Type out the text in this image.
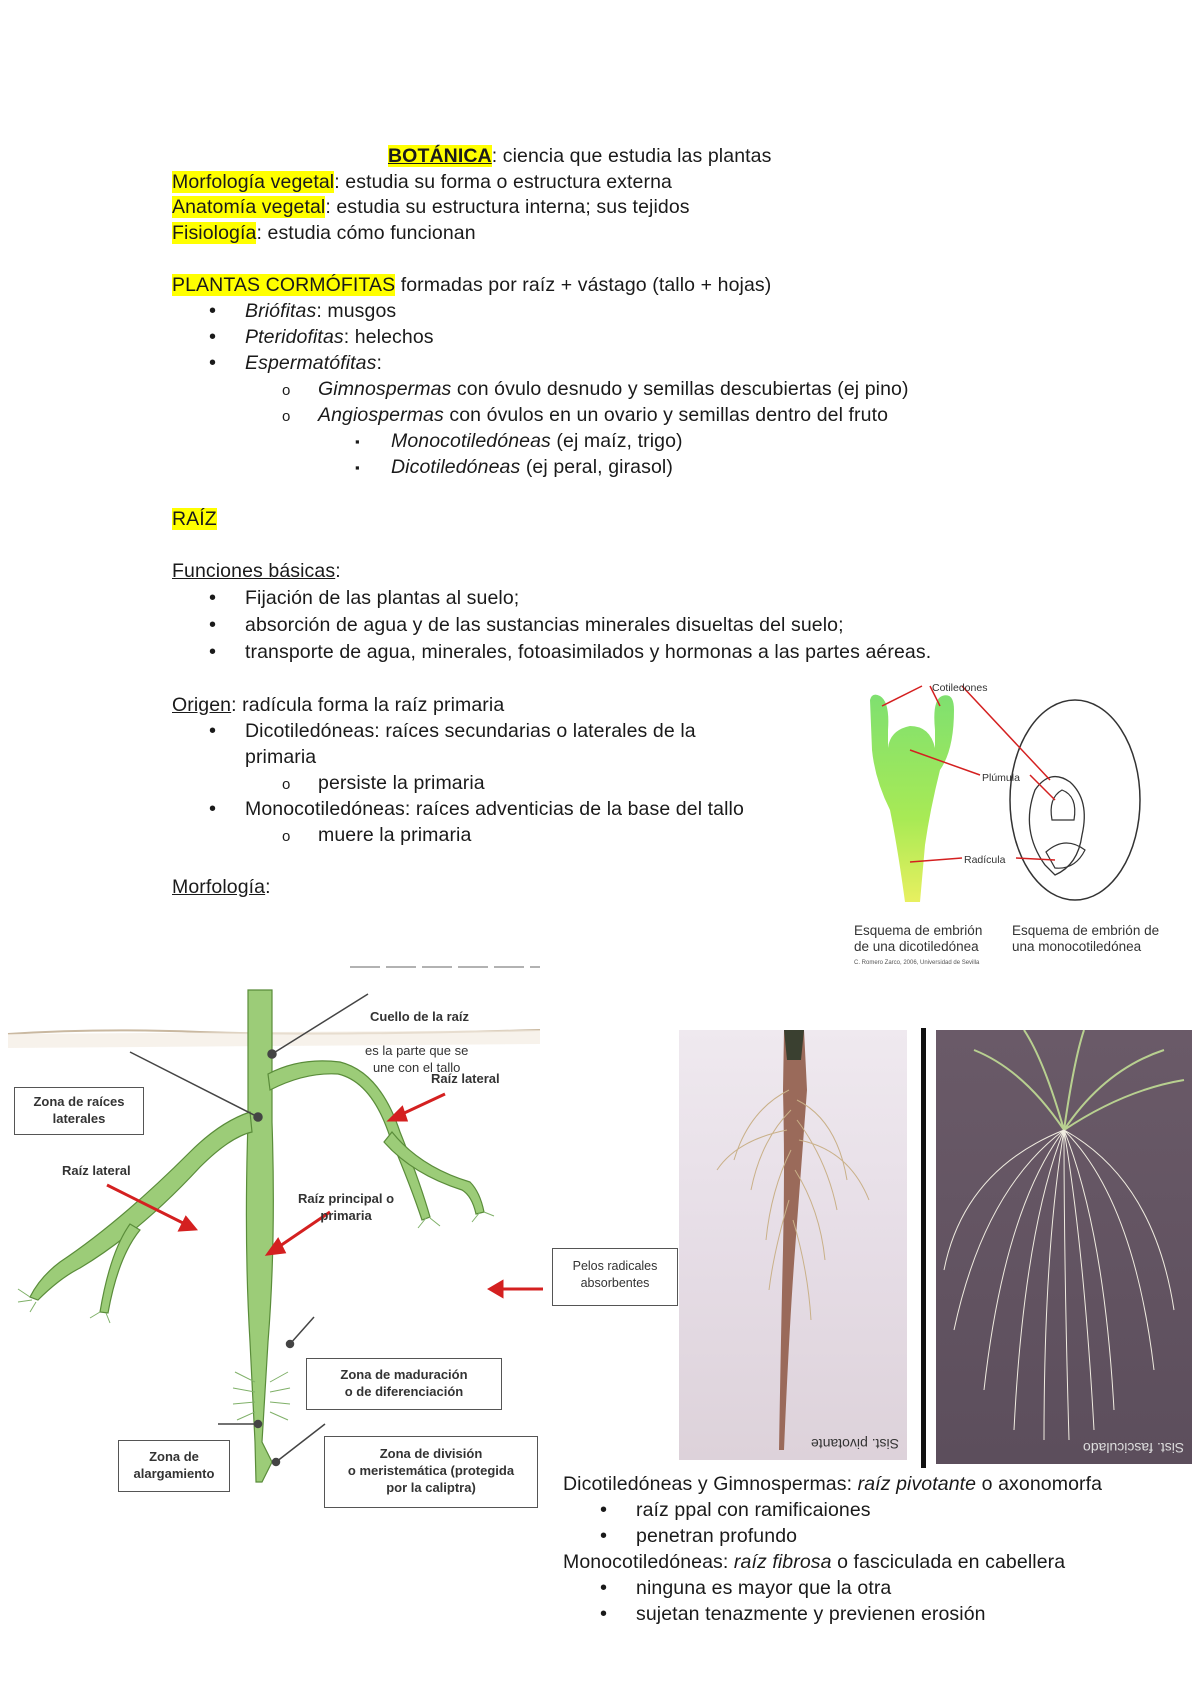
BOTÁNICA: ciencia que estudia las plantas
Morfología vegetal: estudia su forma o estructura externa
Anatomía vegetal: estudia su estructura interna; sus tejidos
Fisiología: estudia cómo funcionan
PLANTAS CORMÓFITAS formadas por raíz + vástago (tallo + hojas)
• Briófitas: musgos
• Pteridofitas: helechos
• Espermatófitas:
o Gimnospermas con óvulo desnudo y semillas descubiertas (ej pino)
o Angiospermas con óvulos en un ovario y semillas dentro del fruto
▪ Monocotiledóneas (ej maíz, trigo)
▪ Dicotiledóneas (ej peral, girasol)
RAÍZ
Funciones básicas:
• Fijación de las plantas al suelo;
• absorción de agua y de las sustancias minerales disueltas del suelo;
• transporte de agua, minerales, fotoasimilados y hormonas a las partes aéreas.
Origen: radícula forma la raíz primaria
• Dicotiledóneas: raíces secundarias o laterales de la
primaria
o persiste la primaria
• Monocotiledóneas: raíces adventicias de la base del tallo
o muere la primaria
Morfología:
Cotiledones
Plúmula
Radícula
Esquema de embrión
de una dicotiledónea
Esquema de embrión de
una monocotiledónea
C. Romero Zarco, 2006, Universidad de Sevilla
Cuello de la raíz
es la parte que se
une con el tallo
Zona de raíces
laterales
Raíz lateral
Raíz lateral
Raíz principal o
primaria
Pelos radicales
absorbentes
Zona de maduración
o de diferenciación
Zona de
alargamiento
Zona de división
o meristemática (protegida
por la caliptra)
Sist. pivotante	Sist. fasciculado
Dicotiledóneas y Gimnospermas: raíz pivotante o axonomorfa
• raíz ppal con ramificaiones
• penetran profundo
Monocotiledóneas: raíz fibrosa o fasciculada en cabellera
• ninguna es mayor que la otra
• sujetan tenazmente y previenen erosión
